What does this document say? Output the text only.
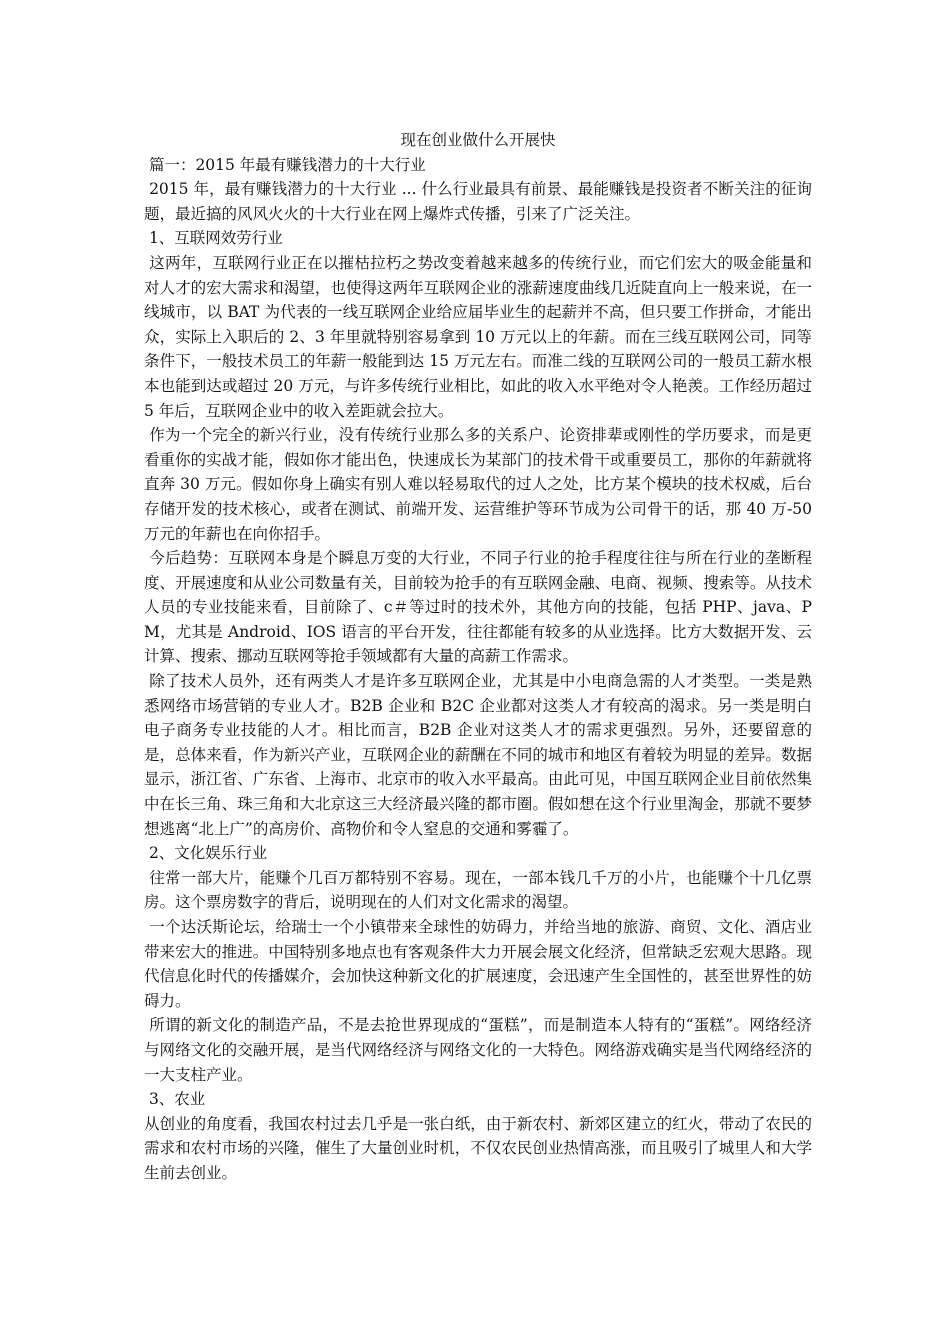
现在创业做什么开展快

篇一：2015 年最有赚钱潜力的十大行业

2015 年，最有赚钱潜力的十大行业 ... 什么行业最具有前景、最能赚钱是投资者不断关注的征询题，最近搞的风风火火的十大行业在网上爆炸式传播，引来了广泛关注。

1、互联网效劳行业

这两年，互联网行业正在以摧枯拉朽之势改变着越来越多的传统行业，而它们宏大的吸金能量和对人才的宏大需求和渴望，也使得这两年互联网企业的涨薪速度曲线几近陡直向上一般来说，在一线城市，以 BAT 为代表的一线互联网企业给应届毕业生的起薪并不高，但只要工作拼命，才能出众，实际上入职后的 2、3 年里就特别容易拿到 10 万元以上的年薪。而在三线互联网公司，同等条件下，一般技术员工的年薪一般能到达 15 万元左右。而准二线的互联网公司的一般员工薪水根本也能到达或超过 20 万元，与许多传统行业相比，如此的收入水平绝对令人艳羡。工作经历超过 5 年后，互联网企业中的收入差距就会拉大。

作为一个完全的新兴行业，没有传统行业那么多的关系户、论资排辈或刚性的学历要求，而是更看重你的实战才能，假如你才能出色，快速成长为某部门的技术骨干或重要员工，那你的年薪就将直奔 30 万元。假如你身上确实有别人难以轻易取代的过人之处，比方某个模块的技术权威，后台存储开发的技术核心，或者在测试、前端开发、运营维护等环节成为公司骨干的话，那 40 万-50 万元的年薪也在向你招手。

今后趋势：互联网本身是个瞬息万变的大行业，不同子行业的抢手程度往往与所在行业的垄断程度、开展速度和从业公司数量有关，目前较为抢手的有互联网金融、电商、视频、搜索等。从技术人员的专业技能来看，目前除了、c＃等过时的技术外，其他方向的技能，包括 PHP、java、PM，尤其是 Android、IOS 语言的平台开发，往往都能有较多的从业选择。比方大数据开发、云计算、搜索、挪动互联网等抢手领域都有大量的高薪工作需求。

除了技术人员外，还有两类人才是许多互联网企业，尤其是中小电商急需的人才类型。一类是熟悉网络市场营销的专业人才。B2B 企业和 B2C 企业都对这类人才有较高的渴求。另一类是明白电子商务专业技能的人才。相比而言，B2B 企业对这类人才的需求更强烈。另外，还要留意的是，总体来看，作为新兴产业，互联网企业的薪酬在不同的城市和地区有着较为明显的差异。数据显示，浙江省、广东省、上海市、北京市的收入水平最高。由此可见，中国互联网企业目前依然集中在长三角、珠三角和大北京这三大经济最兴隆的都市圈。假如想在这个行业里淘金，那就不要梦想逃离“北上广”的高房价、高物价和令人窒息的交通和雾霾了。

2、文化娱乐行业

往常一部大片，能赚个几百万都特别不容易。现在，一部本钱几千万的小片，也能赚个十几亿票房。这个票房数字的背后，说明现在的人们对文化需求的渴望。

一个达沃斯论坛，给瑞士一个小镇带来全球性的妨碍力，并给当地的旅游、商贸、文化、酒店业带来宏大的推进。中国特别多地点也有客观条件大力开展会展文化经济，但常缺乏宏观大思路。现代信息化时代的传播媒介，会加快这种新文化的扩展速度，会迅速产生全国性的，甚至世界性的妨碍力。

所谓的新文化的制造产品，不是去抢世界现成的“蛋糕”，而是制造本人特有的“蛋糕”。网络经济与网络文化的交融开展，是当代网络经济与网络文化的一大特色。网络游戏确实是当代网络经济的一大支柱产业。

3、农业

从创业的角度看，我国农村过去几乎是一张白纸，由于新农村、新郊区建立的红火，带动了农民的需求和农村市场的兴隆，催生了大量创业时机，不仅农民创业热情高涨，而且吸引了城里人和大学生前去创业。
